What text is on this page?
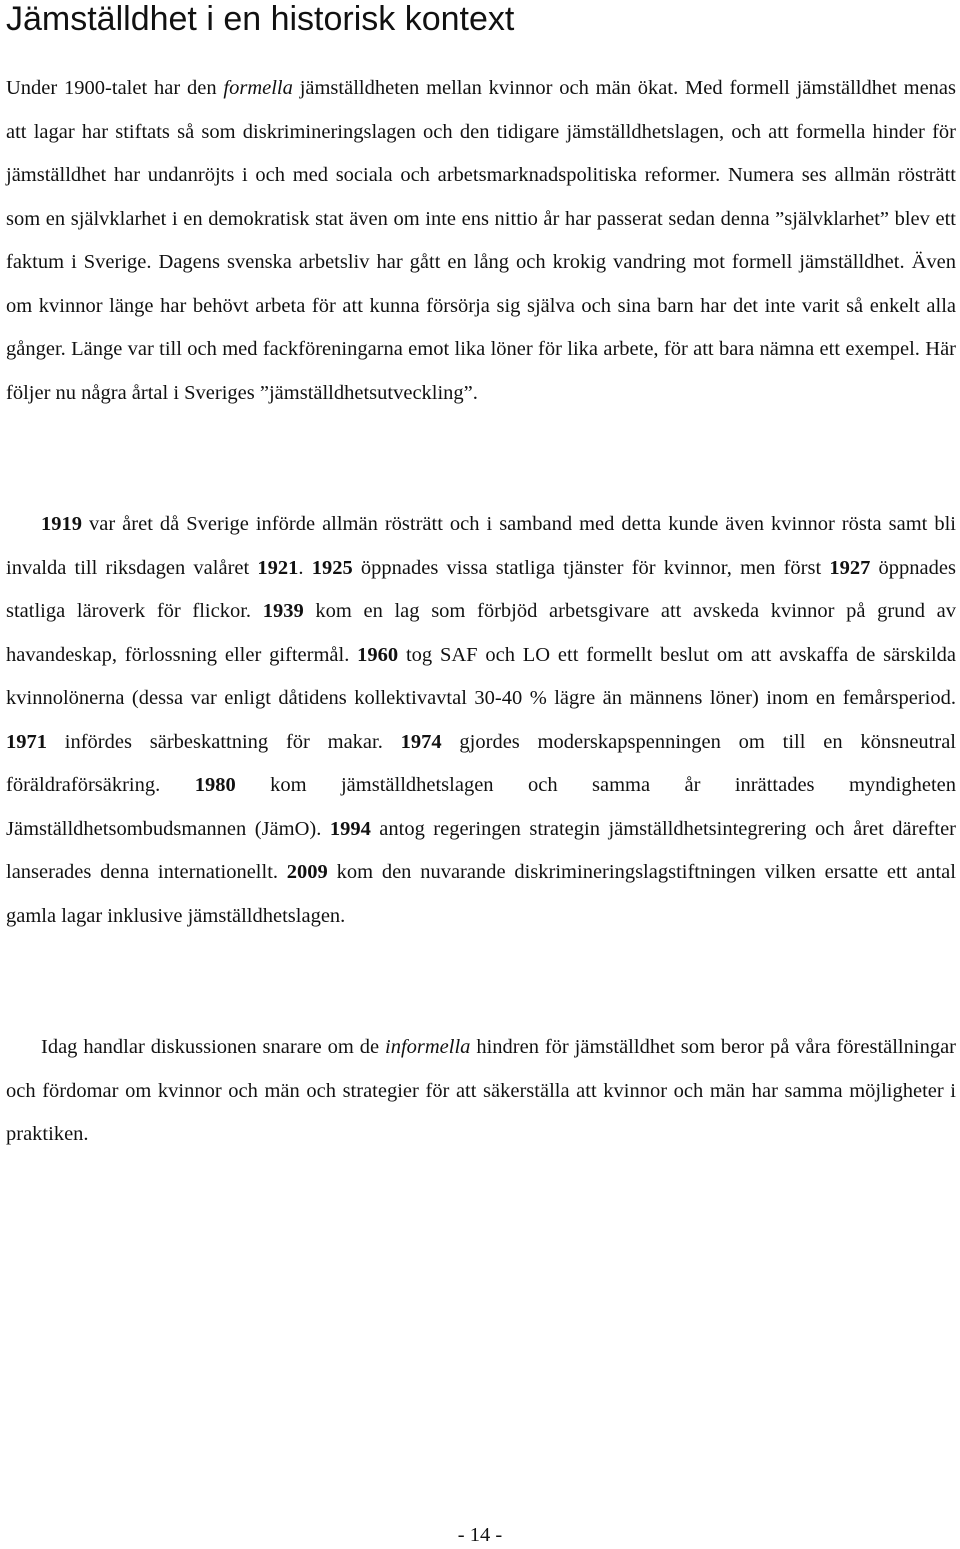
Jämställdhet i en historisk kontext

Under 1900-talet har den formella jämställdheten mellan kvinnor och män ökat. Med formell jämställdhet menas att lagar har stiftats så som diskrimineringslagen och den tidigare jämställdhetslagen, och att formella hinder för jämställdhet har undanröjts i och med sociala och arbetsmarknadspolitiska reformer. Numera ses allmän rösträtt som en självklarhet i en demokratisk stat även om inte ens nittio år har passerat sedan denna ”självklarhet” blev ett faktum i Sverige. Dagens svenska arbetsliv har gått en lång och krokig vandring mot formell jämställdhet. Även om kvinnor länge har behövt arbeta för att kunna försörja sig själva och sina barn har det inte varit så enkelt alla gånger. Länge var till och med fackföreningarna emot lika löner för lika arbete, för att bara nämna ett exempel. Här följer nu några årtal i Sveriges ”jämställdhetsutveckling”.

1919 var året då Sverige införde allmän rösträtt och i samband med detta kunde även kvinnor rösta samt bli invalda till riksdagen valåret 1921. 1925 öppnades vissa statliga tjänster för kvinnor, men först 1927 öppnades statliga läroverk för flickor. 1939 kom en lag som förbjöd arbetsgivare att avskeda kvinnor på grund av havandeskap, förlossning eller giftermål. 1960 tog SAF och LO ett formellt beslut om att avskaffa de särskilda kvinnolönerna (dessa var enligt dåtidens kollektivavtal 30-40 % lägre än männens löner) inom en femårsperiod. 1971 infördes särbeskattning för makar. 1974 gjordes moderskapspenningen om till en könsneutral föräldraförsäkring. 1980 kom jämställdhetslagen och samma år inrättades myndigheten Jämställdhetsombudsmannen (JämO). 1994 antog regeringen strategin jämställdhetsintegrering och året därefter lanserades denna internationellt. 2009 kom den nuvarande diskrimineringslagstiftningen vilken ersatte ett antal gamla lagar inklusive jämställdhetslagen.

Idag handlar diskussionen snarare om de informella hindren för jämställdhet som beror på våra föreställningar och fördomar om kvinnor och män och strategier för att säkerställa att kvinnor och män har samma möjligheter i praktiken.

- 14 -
